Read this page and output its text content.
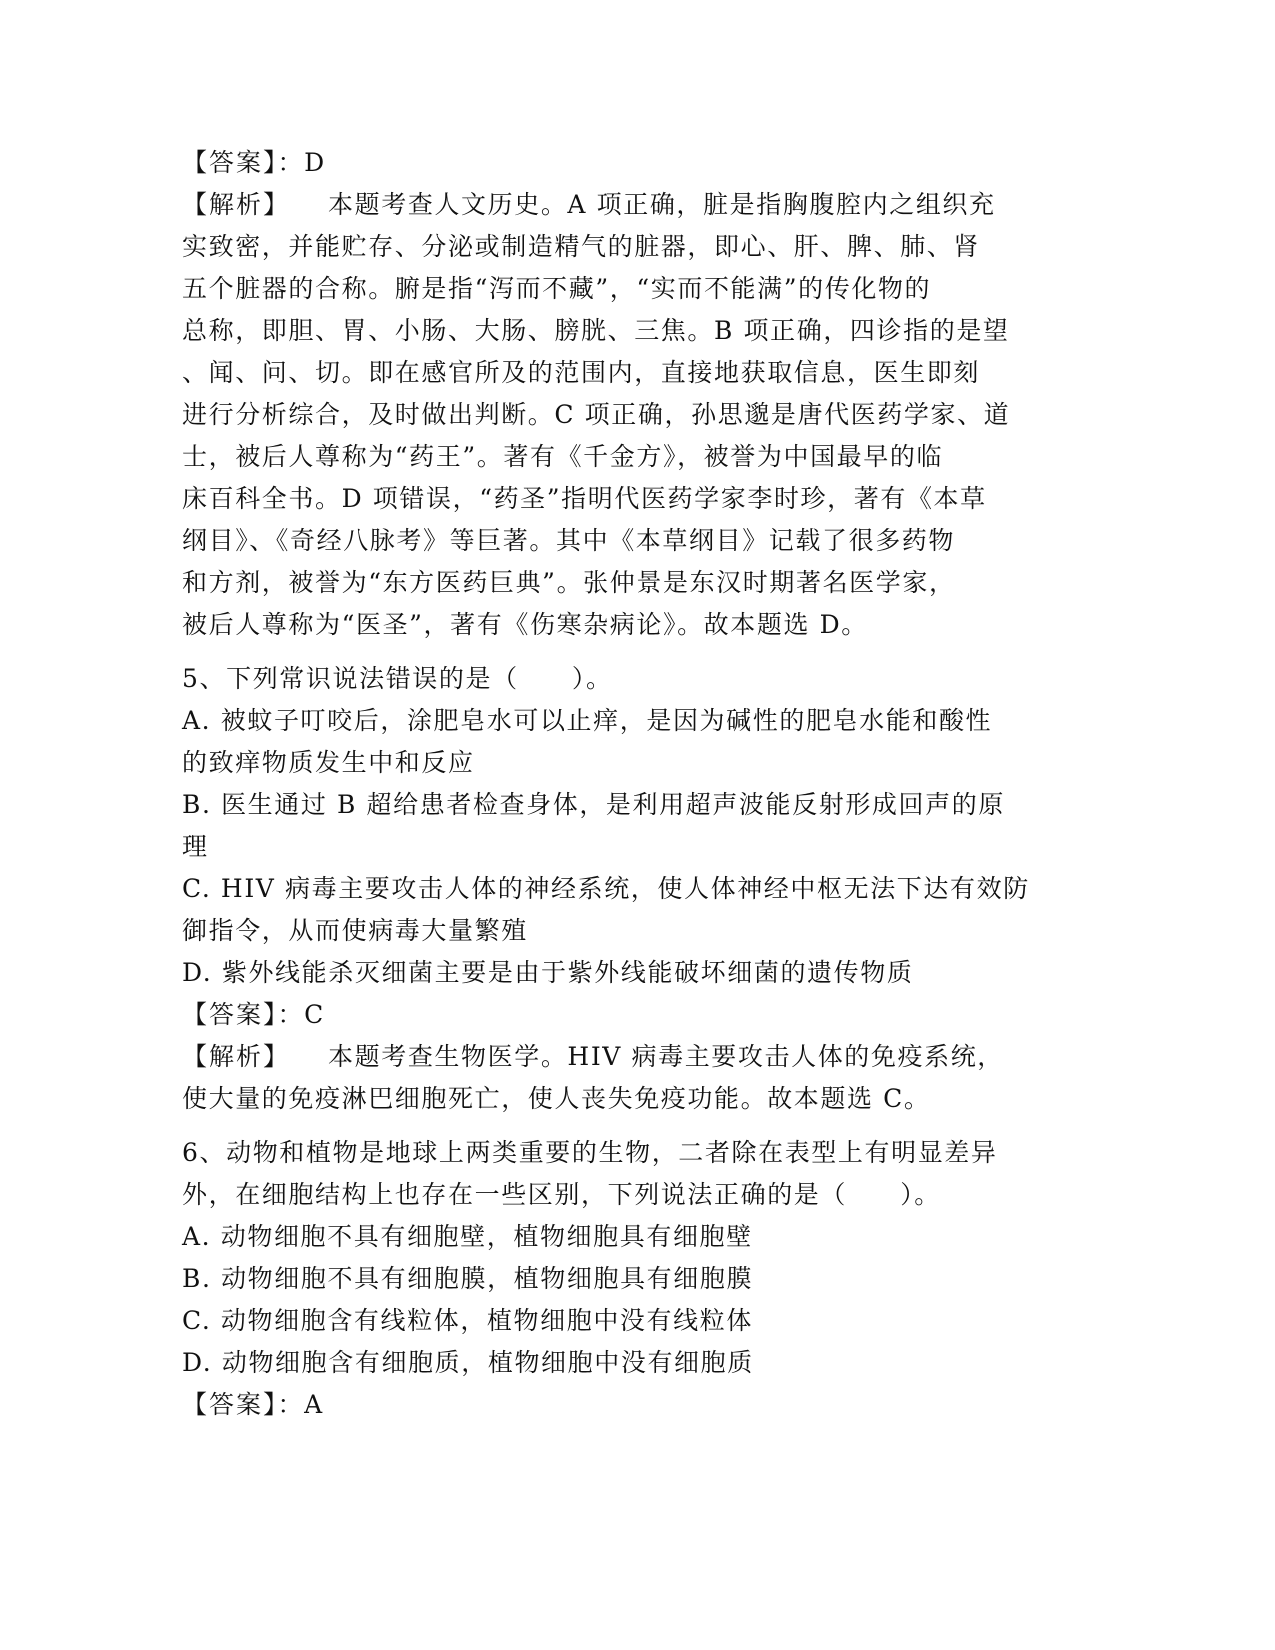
【答案】：D
【解析】 本题考查人文历史。A 项正确，脏是指胸腹腔内之组织充
实致密，并能贮存、分泌或制造精气的脏器，即心、肝、脾、肺、肾
五个脏器的合称。腑是指“泻而不藏”，“实而不能满”的传化物的
总称，即胆、胃、小肠、大肠、膀胱、三焦。B 项正确，四诊指的是望
、闻、问、切。即在感官所及的范围内，直接地获取信息，医生即刻
进行分析综合，及时做出判断。C 项正确，孙思邈是唐代医药学家、道
士，被后人尊称为“药王”。著有《千金方》，被誉为中国最早的临
床百科全书。D 项错误，“药圣”指明代医药学家李时珍，著有《本草
纲目》、《奇经八脉考》等巨著。其中《本草纲目》记载了很多药物
和方剂，被誉为“东方医药巨典”。张仲景是东汉时期著名医学家，
被后人尊称为“医圣”，著有《伤寒杂病论》。故本题选 D。
5、下列常识说法错误的是（　　）。
A. 被蚊子叮咬后，涂肥皂水可以止痒，是因为碱性的肥皂水能和酸性
的致痒物质发生中和反应
B. 医生通过 B 超给患者检查身体，是利用超声波能反射形成回声的原
理
C. HIV 病毒主要攻击人体的神经系统，使人体神经中枢无法下达有效防
御指令，从而使病毒大量繁殖
D. 紫外线能杀灭细菌主要是由于紫外线能破坏细菌的遗传物质
【答案】：C
【解析】 本题考查生物医学。HIV 病毒主要攻击人体的免疫系统，
使大量的免疫淋巴细胞死亡，使人丧失免疫功能。故本题选 C。
6、动物和植物是地球上两类重要的生物，二者除在表型上有明显差异
外，在细胞结构上也存在一些区别，下列说法正确的是（　　）。
A. 动物细胞不具有细胞壁，植物细胞具有细胞壁
B. 动物细胞不具有细胞膜，植物细胞具有细胞膜
C. 动物细胞含有线粒体，植物细胞中没有线粒体
D. 动物细胞含有细胞质，植物细胞中没有细胞质
【答案】：A
